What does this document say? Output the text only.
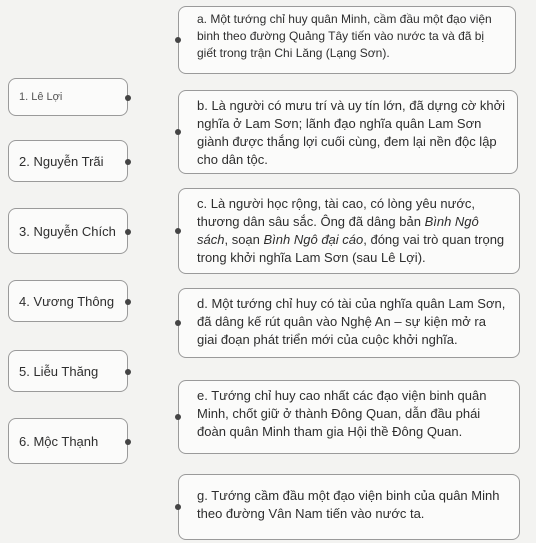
1. Lê Lợi
2. Nguyễn Trãi
3. Nguyễn Chích
4. Vương Thông
5. Liễu Thăng
6. Mộc Thạnh
a. Một tướng chỉ huy quân Minh, cầm đầu một đạo viện binh theo đường Quảng Tây tiến vào nước ta và đã bị giết trong trận Chi Lăng (Lạng Sơn).
b. Là người có mưu trí và uy tín lớn, đã dựng cờ khởi nghĩa ở Lam Sơn; lãnh đạo nghĩa quân Lam Sơn giành được thắng lợi cuối cùng, đem lại nền độc lập cho dân tộc.
c. Là người học rộng, tài cao, có lòng yêu nước, thương dân sâu sắc. Ông đã dâng bản Bình Ngô sách, soạn Bình Ngô đại cáo, đóng vai trò quan trọng trong khởi nghĩa Lam Sơn (sau Lê Lợi).
d. Một tướng chỉ huy có tài của nghĩa quân Lam Sơn, đã dâng kế rút quân vào Nghệ An – sự kiện mở ra giai đoạn phát triển mới của cuộc khởi nghĩa.
e. Tướng chỉ huy cao nhất các đạo viện binh quân Minh, chốt giữ ở thành Đông Quan, dẫn đầu phái đoàn quân Minh tham gia Hội thề Đông Quan.
g. Tướng cầm đầu một đạo viện binh của quân Minh theo đường Vân Nam tiến vào nước ta.
